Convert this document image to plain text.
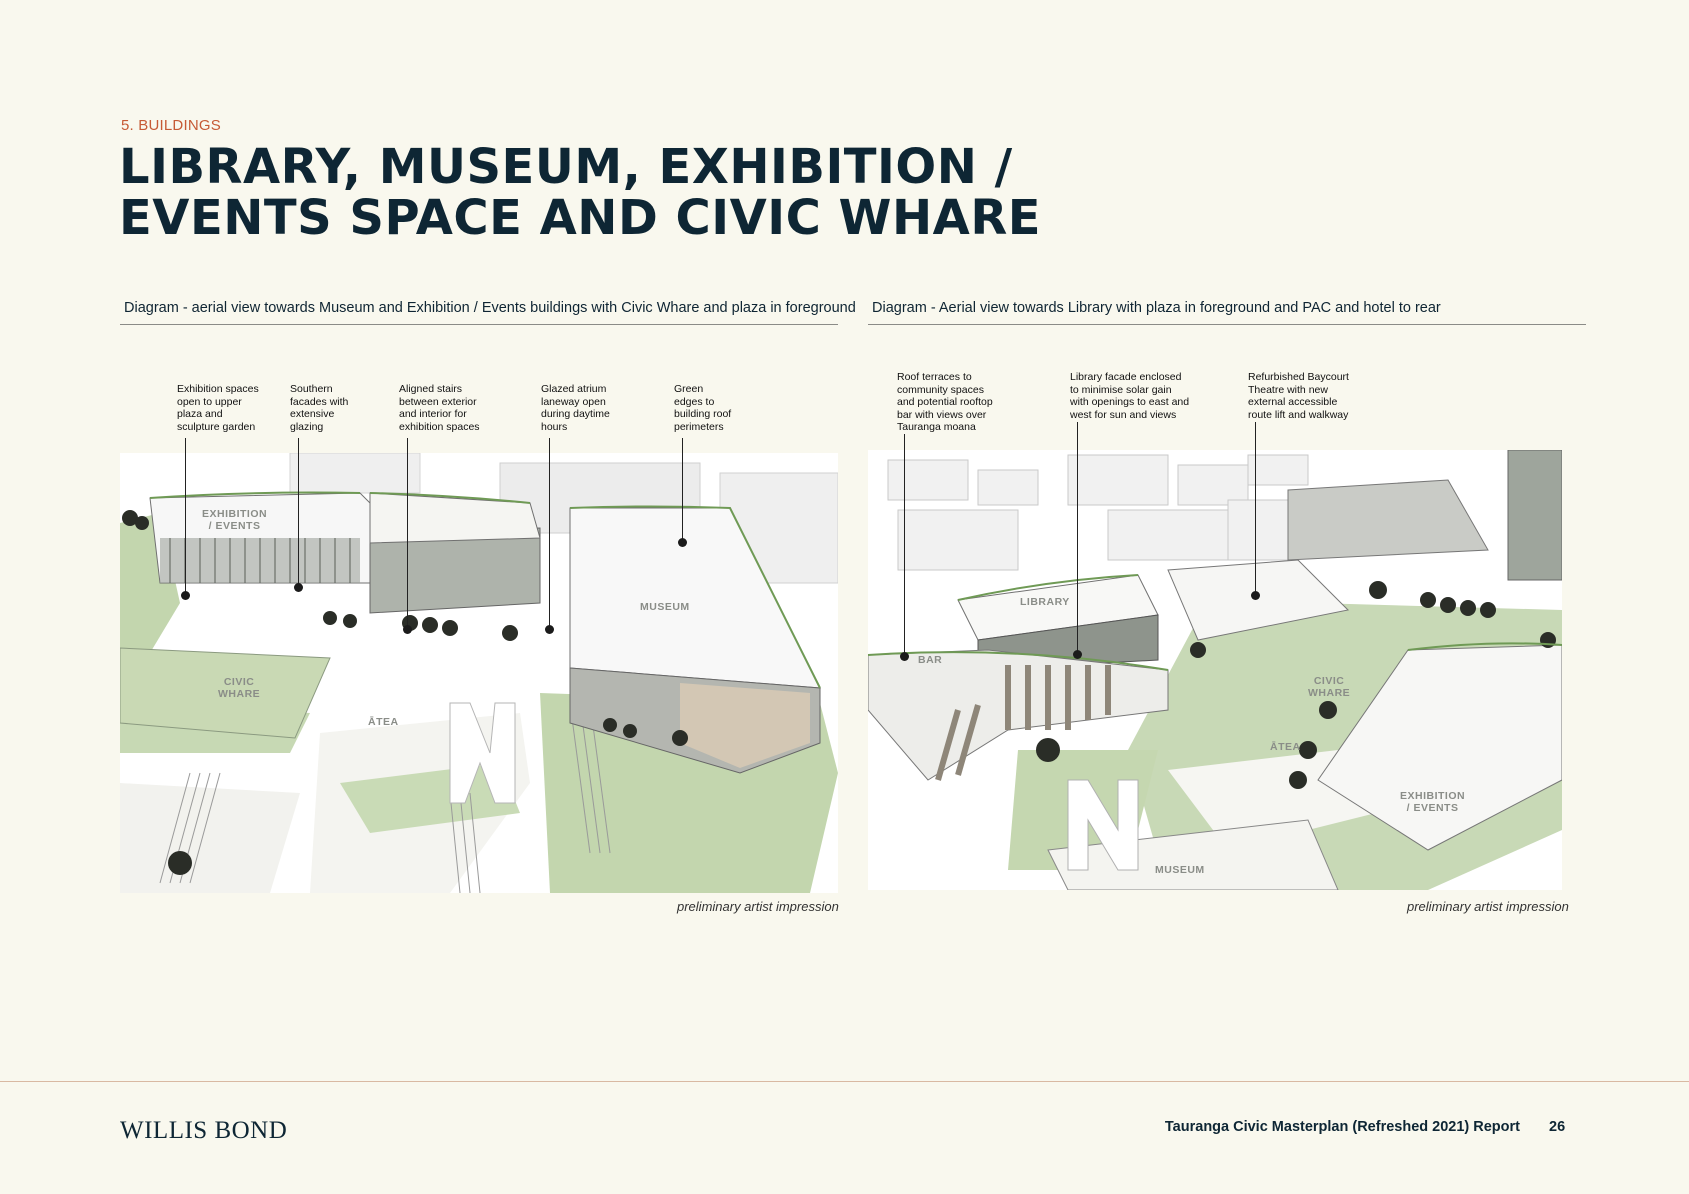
5. BUILDINGS
LIBRARY, MUSEUM, EXHIBITION /
EVENTS SPACE AND CIVIC WHARE
Diagram - aerial view towards Museum and Exhibition / Events buildings with Civic Whare and plaza in foreground Diagram - Aerial view towards Library with plaza in foreground and PAC and hotel to rear
Exhibition spaces
open to upper
plaza and
sculpture garden
Southern
facades with
extensive
glazing
Aligned stairs
between exterior
and interior for
exhibition spaces
Glazed atrium
laneway open
during daytime
hours
Green
edges to
building roof
perimeters
EXHIBITION
/ EVENTS
CIVIC
WHARE
ĀTEA
MUSEUM
preliminary artist impression
Roof terraces to
community spaces
and potential rooftop
bar with views over
Tauranga moana
Library facade enclosed
to minimise solar gain
with openings to east and
west for sun and views
Refurbished Baycourt
Theatre with new
external accessible
route lift and walkway
LIBRARY
BAR
CIVIC
WHARE
ĀTEA
EXHIBITION
/ EVENTS
MUSEUM
preliminary artist impression
WILLIS BOND	Tauranga Civic Masterplan (Refreshed 2021) Report 26
